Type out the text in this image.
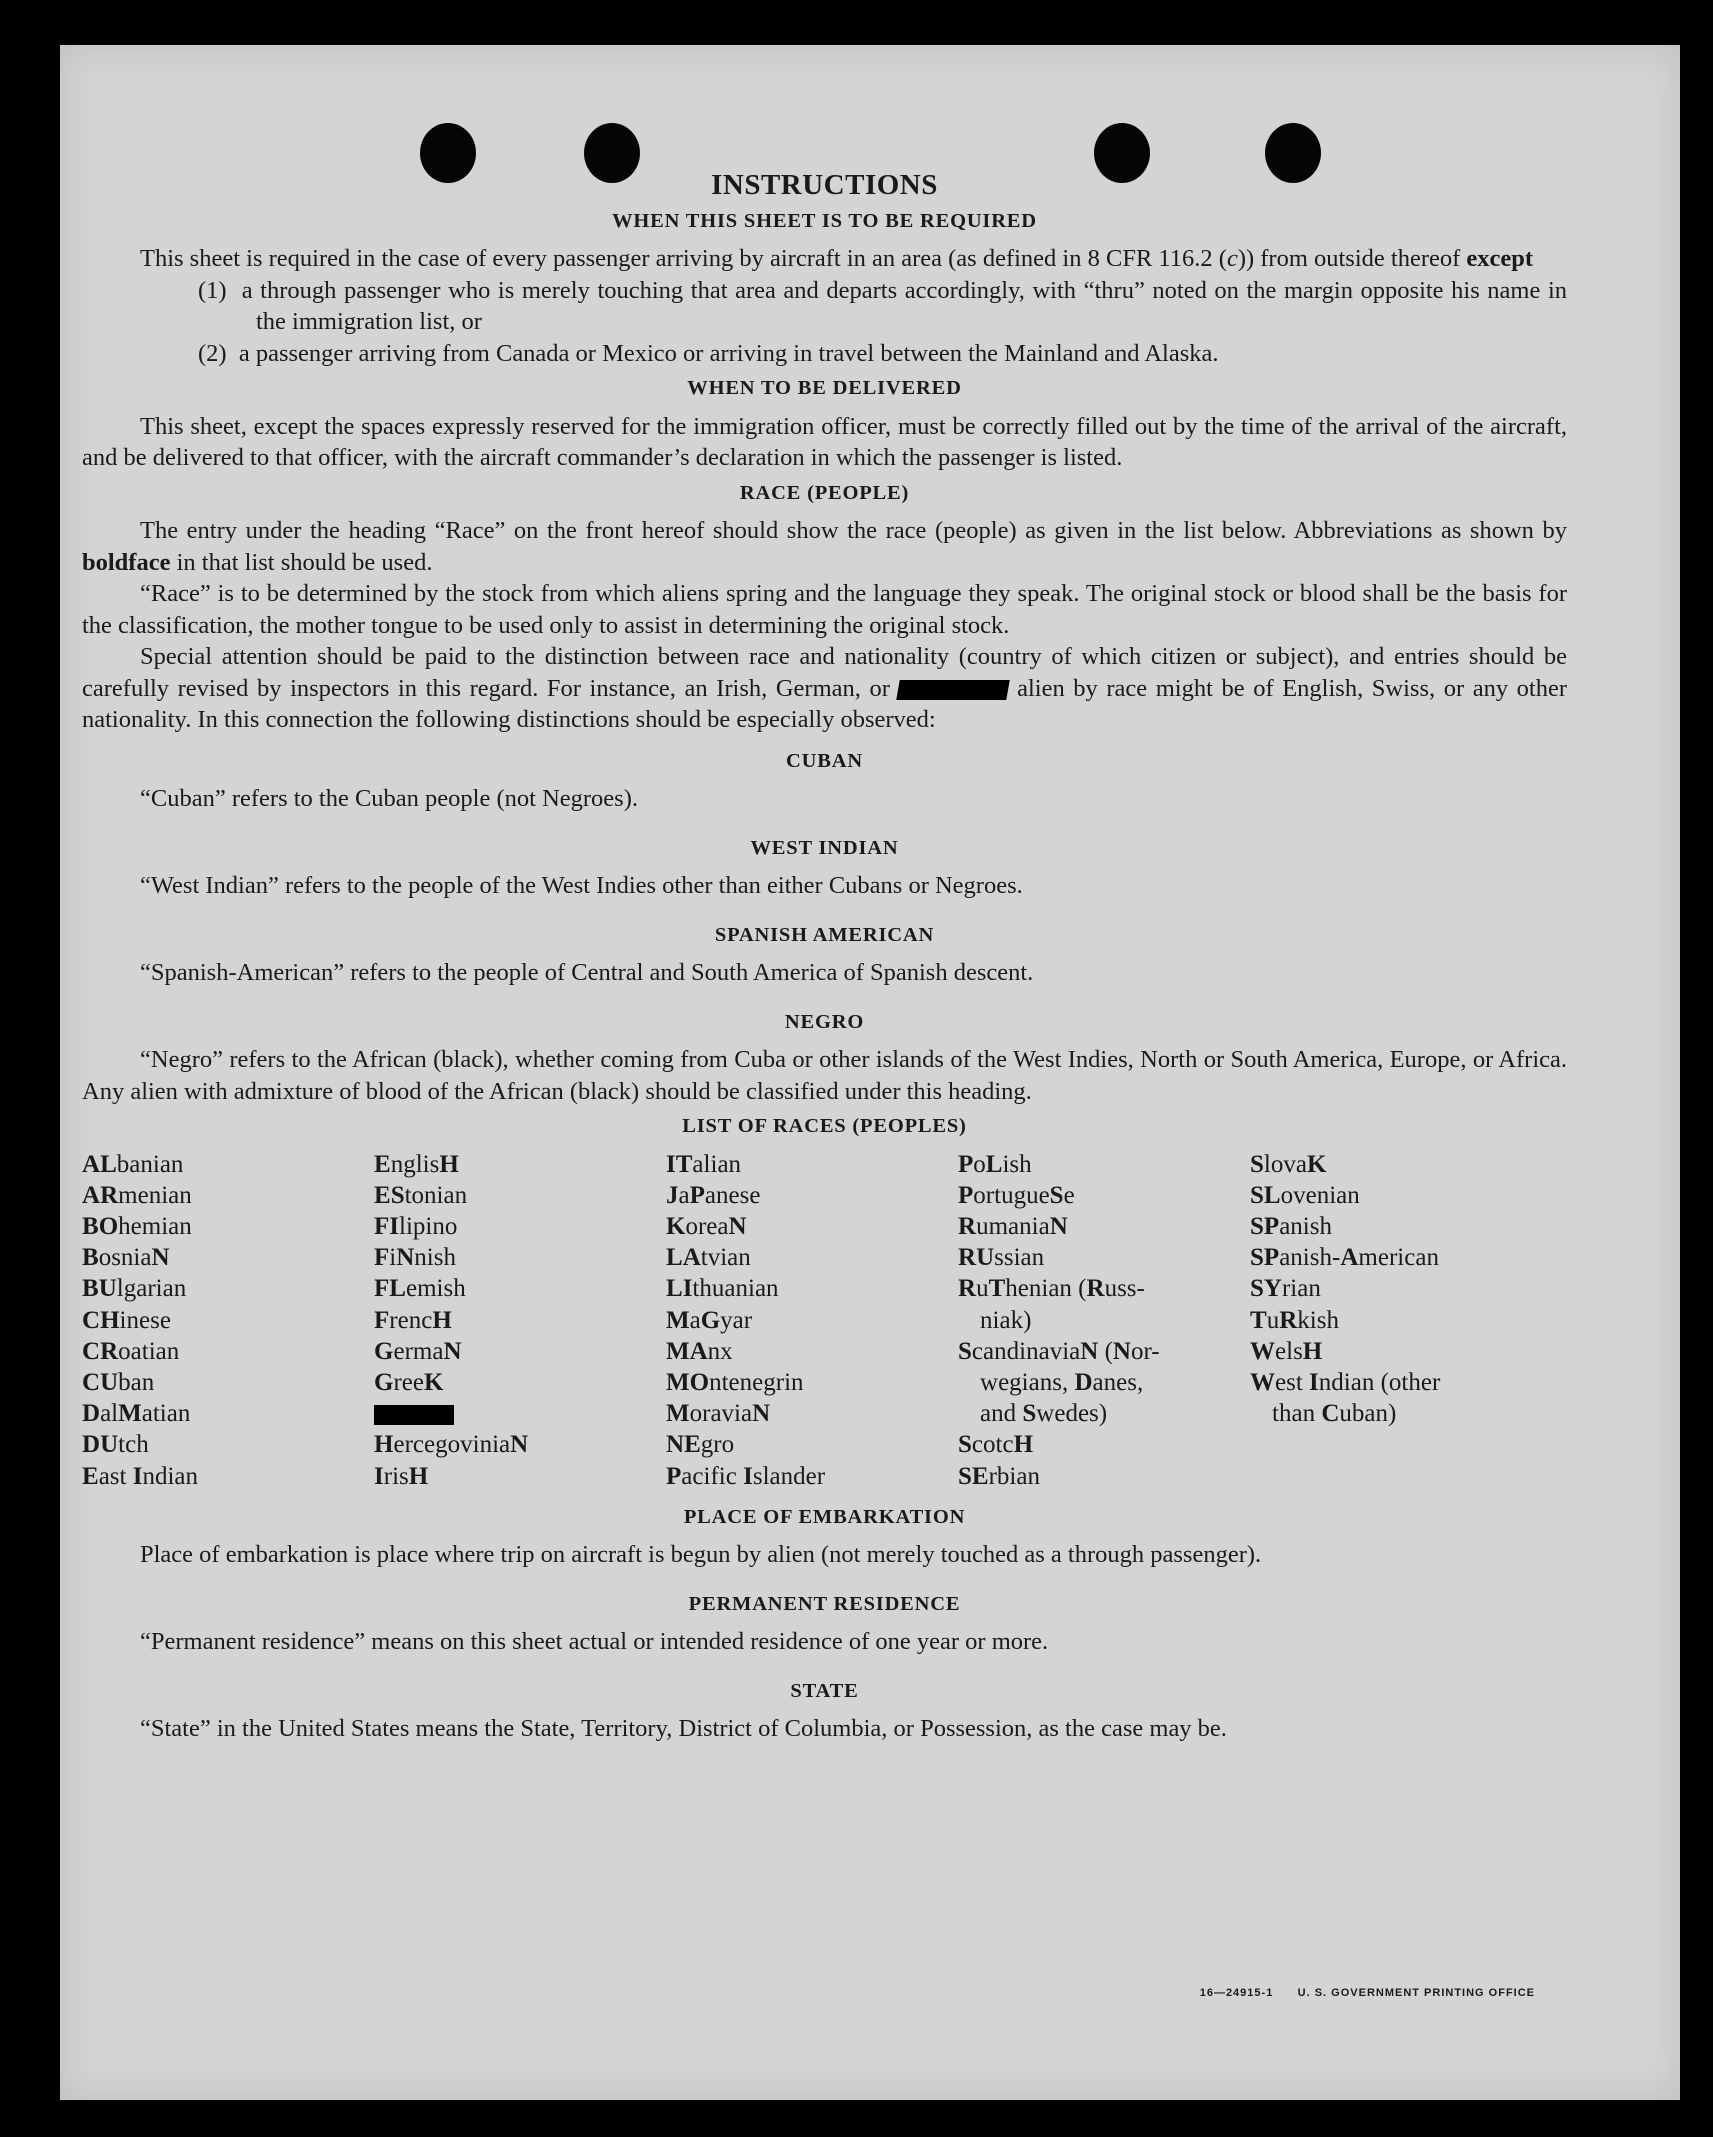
INSTRUCTIONS
WHEN THIS SHEET IS TO BE REQUIRED

This sheet is required in the case of every passenger arriving by aircraft in an area (as defined in 8 CFR 116.2 (c)) from outside thereof except

(1)  a through passenger who is merely touching that area and departs accordingly, with “thru” noted on the margin opposite his name in the immigration list, or
(2)  a passenger arriving from Canada or Mexico or arriving in travel between the Mainland and Alaska.
WHEN TO BE DELIVERED

This sheet, except the spaces expressly reserved for the immigration officer, must be correctly filled out by the time of the arrival of the aircraft, and be delivered to that officer, with the aircraft commander’s declaration in which the passenger is listed.

RACE (PEOPLE)

The entry under the heading “Race” on the front hereof should show the race (people) as given in the list below. Abbreviations as shown by boldface in that list should be used.

“Race” is to be determined by the stock from which aliens spring and the language they speak. The original stock or blood shall be the basis for the classification, the mother tongue to be used only to assist in determining the original stock.

Special attention should be paid to the distinction between race and nationality (country of which citizen or subject), and entries should be carefully revised by inspectors in this regard. For instance, an Irish, German, or	alien by race might be of English, Swiss, or any other nationality. In this connection the following distinctions should be especially observed:

CUBAN

“Cuban” refers to the Cuban people (not Negroes).

WEST INDIAN

“West Indian” refers to the people of the West Indies other than either Cubans or Negroes.

SPANISH AMERICAN

“Spanish-American” refers to the people of Central and South America of Spanish descent.

NEGRO

“Negro” refers to the African (black), whether coming from Cuba or other islands of the West Indies, North or South America, Europe, or Africa. Any alien with admixture of blood of the African (black) should be classified under this heading.

LIST OF RACES (PEOPLES)
ALbanian
ARmenian
BOhemian
BosniaN
BUlgarian
CHinese
CRoatian
CUban
DalMatian
DUtch
East Indian
EnglisH
EStonian
FIlipino
FiNnish
FLemish
FrencH
GermaN
GreeK
HercegoviniaN
IrisH
ITalian
JaPanese
KoreaN
LAtvian
LIthuanian
MaGyar
MAnx
MOntenegrin
MoraviaN
NEgro
Pacific Islander
PoLish
PortugueSe
RumaniaN
RUssian
RuThenian (Russ-
niak)
ScandinaviaN (Nor-
wegians, Danes,
and Swedes)
ScotcH
SErbian
SlovaK
SLovenian
SPanish
SPanish-American
SYrian
TuRkish
WelsH
West Indian (other
than Cuban)
PLACE OF EMBARKATION

Place of embarkation is place where trip on aircraft is begun by alien (not merely touched as a through passenger).

PERMANENT RESIDENCE

“Permanent residence” means on this sheet actual or intended residence of one year or more.

STATE

“State” in the United States means the State, Territory, District of Columbia, or Possession, as the case may be.

16—24915-1 U. S. GOVERNMENT PRINTING OFFICE
